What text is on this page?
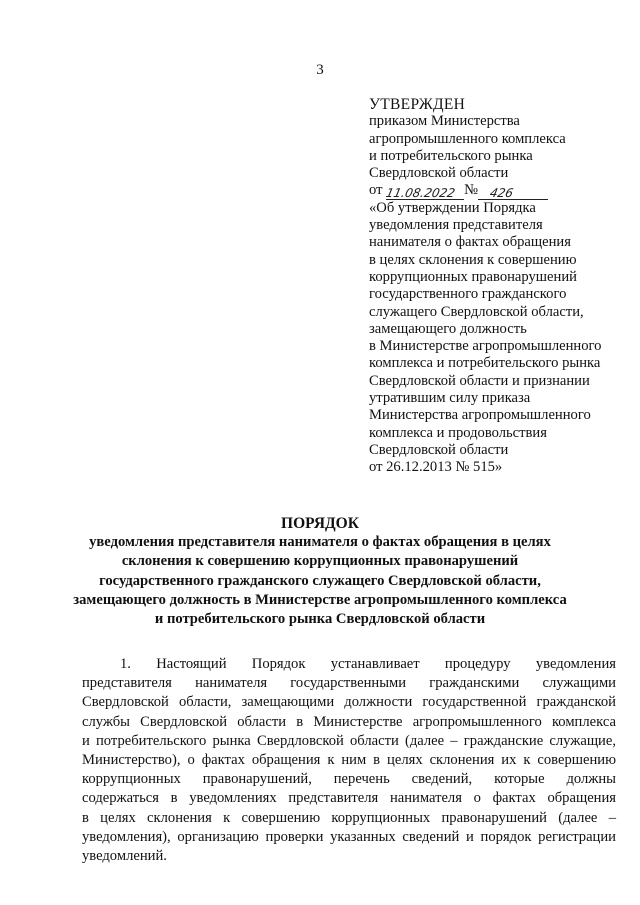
3
УТВЕРЖДЕН
приказом Министерства
агропромышленного комплекса
и потребительского рынка
Свердловской области
от 11.08.2022 № 426
«Об утверждении Порядка
уведомления представителя
нанимателя о фактах обращения
в целях склонения к совершению
коррупционных правонарушений
государственного гражданского
служащего Свердловской области,
замещающего должность
в Министерстве агропромышленного
комплекса и потребительского рынка
Свердловской области и признании
утратившим силу приказа
Министерства агропромышленного
комплекса и продовольствия
Свердловской области
от 26.12.2013 № 515»
ПОРЯДОК
уведомления представителя нанимателя о фактах обращения в целях
склонения к совершению коррупционных правонарушений
государственного гражданского служащего Свердловской области,
замещающего должность в Министерстве агропромышленного комплекса
и потребительского рынка Свердловской области
1. Настоящий Порядок устанавливает процедуру уведомления
представителя нанимателя государственными гражданскими служащими
Свердловской области, замещающими должности государственной гражданской
службы Свердловской области в Министерстве агропромышленного комплекса
и потребительского рынка Свердловской области (далее – гражданские служащие,
Министерство), о фактах обращения к ним в целях склонения их к совершению
коррупционных правонарушений, перечень сведений, которые должны
содержаться в уведомлениях представителя нанимателя о фактах обращения
в целях склонения к совершению коррупционных правонарушений (далее –
уведомления), организацию проверки указанных сведений и порядок регистрации
уведомлений.
